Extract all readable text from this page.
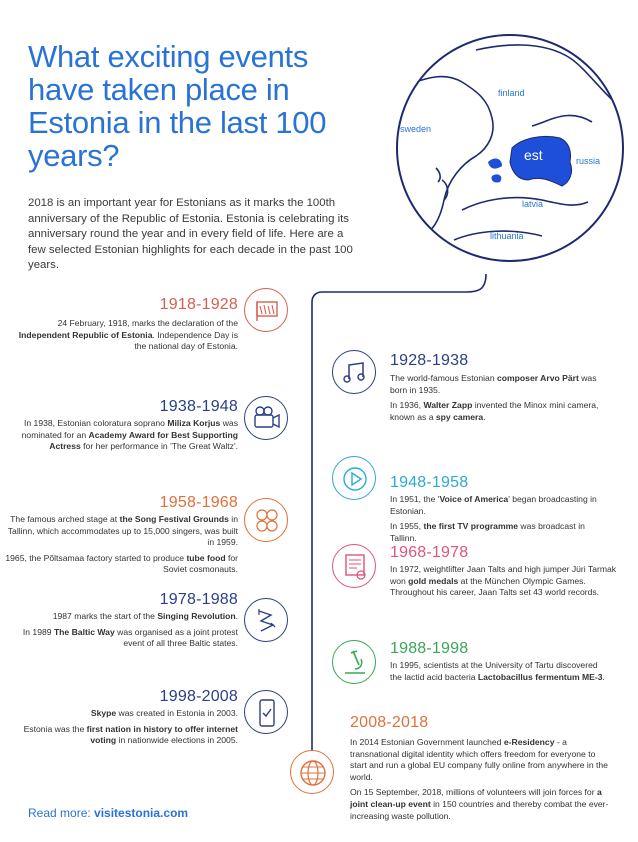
What exciting events have taken place in Estonia in the last 100 years?
2018 is an important year for Estonians as it marks the 100th anniversary of the Republic of Estonia. Estonia is celebrating its anniversary round the year and in every field of life. Here are a few selected Estonian highlights for each decade in the past 100 years.
finland
sweden
est	russia
latvia
lithuania
1918-1928

24 February, 1918, marks the declaration of the Independent Republic of Estonia. Independence Day is the national day of Estonia.

1928-1938

The world-famous Estonian composer Arvo Pärt was born in 1935.

In 1936, Walter Zapp invented the Minox mini camera, known as a spy camera.

1938-1948

In 1938, Estonian coloratura soprano Miliza Korjus was nominated for an Academy Award for Best Supporting Actress for her performance in 'The Great Waltz'.

1948-1958

In 1951, the 'Voice of America' began broadcasting in Estonian.

In 1955, the first TV programme was broadcast in Tallinn.

1958-1968

The famous arched stage at the Song Festival Grounds in Tallinn, which accommodates up to 15,000 singers, was built in 1959.

1965, the Põltsamaa factory started to produce tube food for Soviet cosmonauts.

1968-1978

In 1972, weightlifter Jaan Talts and high jumper Jüri Tarmak won gold medals at the München Olympic Games. Throughout his career, Jaan Talts set 43 world records.

1978-1988

1987 marks the start of the Singing Revolution.

In 1989 The Baltic Way was organised as a joint protest event of all three Baltic states.	1988-1998

In 1995, scientists at the University of Tartu discovered the lactid acid bacteria Lactobacillus fermentum ME-3.

1998-2008

Skype was created in Estonia in 2003.

Estonia was the first nation in history to offer internet voting in nationwide elections in 2005.

2008-2018

In 2014 Estonian Government launched e-Residency - a transnational digital identity which offers freedom for everyone to start and run a global EU company fully online from anywhere in the world.

On 15 September, 2018, millions of volunteers will join forces for a joint clean-up event in 150 countries and thereby combat the ever-increasing waste pollution.

Read more: visitestonia.com
